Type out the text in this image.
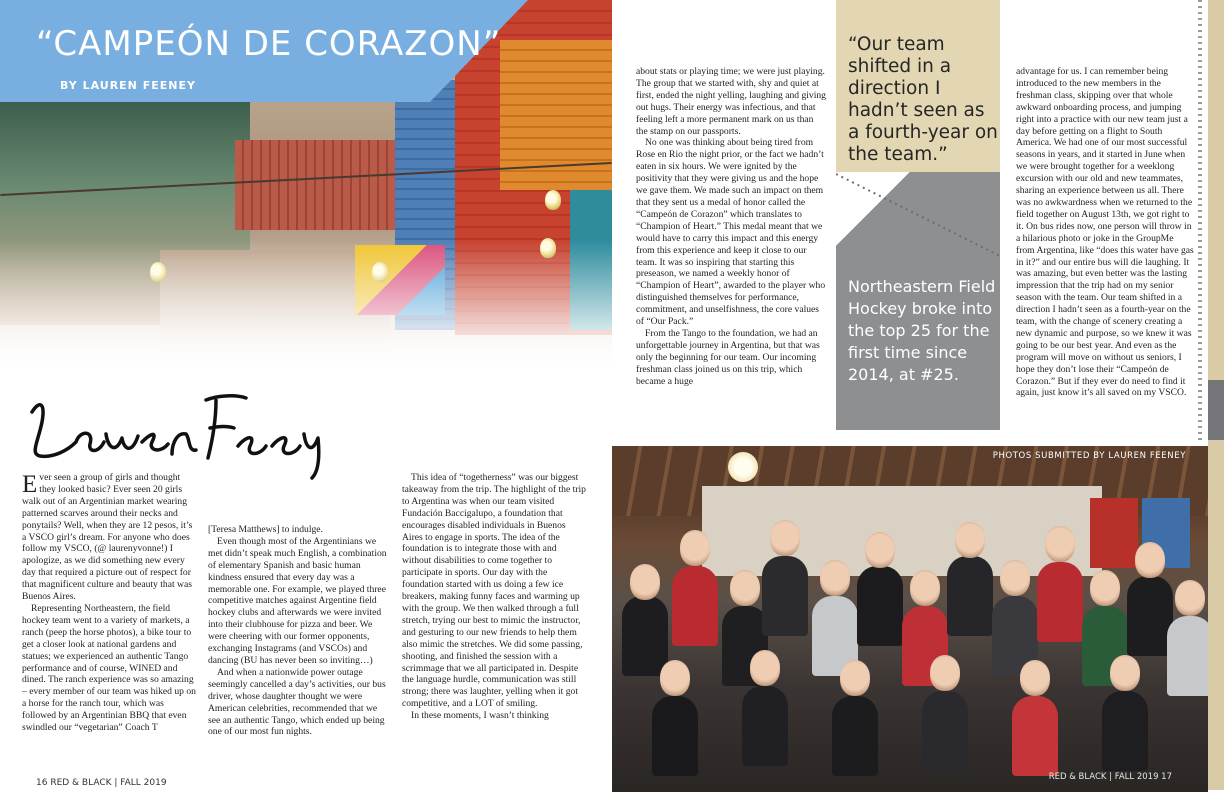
“CAMPEÓN DE CORAZON”
BY LAUREN FEENEY

Ever seen a group of girls and thought they looked basic? Ever seen 20 girls walk out of an Argentinian market wearing patterned scarves around their necks and ponytails? Well, when they are 12 pesos, it’s a VSCO girl’s dream. For anyone who does follow my VSCO, (@ laurenyvonne!) I apologize, as we did something new every day that required a picture out of respect for that magnificent culture and beauty that was Buenos Aires.

Representing Northeastern, the field hockey team went to a variety of markets, a ranch (peep the horse photos), a bike tour to get a closer look at national gardens and statues; we experienced an authentic Tango performance and of course, WINED and dined. The ranch experience was so amazing – every member of our team was hiked up on a horse for the ranch tour, which was followed by an Argentinian BBQ that even swindled our “vegetarian” Coach T

[Teresa Matthews] to indulge.

Even though most of the Argentinians we met didn’t speak much English, a combination of elementary Spanish and basic human kindness ensured that every day was a memorable one. For example, we played three competitive matches against Argentine field hockey clubs and afterwards we were invited into their clubhouse for pizza and beer. We were cheering with our former opponents, exchanging Instagrams (and VSCOs) and dancing (BU has never been so inviting…)

And when a nationwide power outage seemingly cancelled a day’s activities, our bus driver, whose daughter thought we were American celebrities, recommended that we see an authentic Tango, which ended up being one of our most fun nights.

This idea of “togetherness” was our biggest takeaway from the trip. The highlight of the trip to Argentina was when our team visited Fundación Baccigalupo, a foundation that encourages disabled individuals in Buenos Aires to engage in sports. The idea of the foundation is to integrate those with and without disabilities to come together to participate in sports. Our day with the foundation started with us doing a few ice breakers, making funny faces and warming up with the group. We then walked through a full stretch, trying our best to mimic the instructor, and gesturing to our new friends to help them also mimic the stretches. We did some passing, shooting, and finished the session with a scrimmage that we all participated in. Despite the language hurdle, communication was still strong; there was laughter, yelling when it got competitive, and a LOT of smiling.

In these moments, I wasn’t thinking

16 RED & BLACK | FALL 2019

about stats or playing time; we were just playing. The group that we started with, shy and quiet at first, ended the night yelling, laughing and giving out hugs. Their energy was infectious, and that feeling left a more permanent mark on us than the stamp on our passports.

No one was thinking about being tired from Rose en Rio the night prior, or the fact we hadn’t eaten in six hours. We were ignited by the positivity that they were giving us and the hope we gave them. We made such an impact on them that they sent us a medal of honor called the “Campeón de Corazon” which translates to “Champion of Heart.” This medal meant that we would have to carry this impact and this energy from this experience and keep it close to our team. It was so inspiring that starting this preseason, we named a weekly honor of “Champion of Heart”, awarded to the player who distinguished themselves for performance, commitment, and unselfishness, the core values of “Our Pack.”

From the Tango to the foundation, we had an unforgettable journey in Argentina, but that was only the beginning for our team. Our incoming freshman class joined us on this trip, which became a huge

“Our team shifted in a direction I hadn’t seen as a fourth-year on the team.”
Northeastern Field Hockey broke into the top 25 for the first time since 2014, at #25.

advantage for us. I can remember being introduced to the new members in the freshman class, skipping over that whole awkward onboarding process, and jumping right into a practice with our new team just a day before getting on a flight to South America. We had one of our most successful seasons in years, and it started in June when we were brought together for a weeklong excursion with our old and new teammates, sharing an experience between us all. There was no awkwardness when we returned to the field together on August 13th, we got right to it. On bus rides now, one person will throw in a hilarious photo or joke in the GroupMe from Argentina, like “does this water have gas in it?” and our entire bus will die laughing. It was amazing, but even better was the lasting impression that the trip had on my senior season with the team. Our team shifted in a direction I hadn’t seen as a fourth-year on the team, with the change of scenery creating a new dynamic and purpose, so we knew it was going to be our best year. And even as the program will move on without us seniors, I hope they don’t lose their “Campeón de Corazon.” But if they ever do need to find it again, just know it’s all saved on my VSCO.

PHOTOS SUBMITTED BY LAUREN FEENEY
RED & BLACK | FALL 2019 17
